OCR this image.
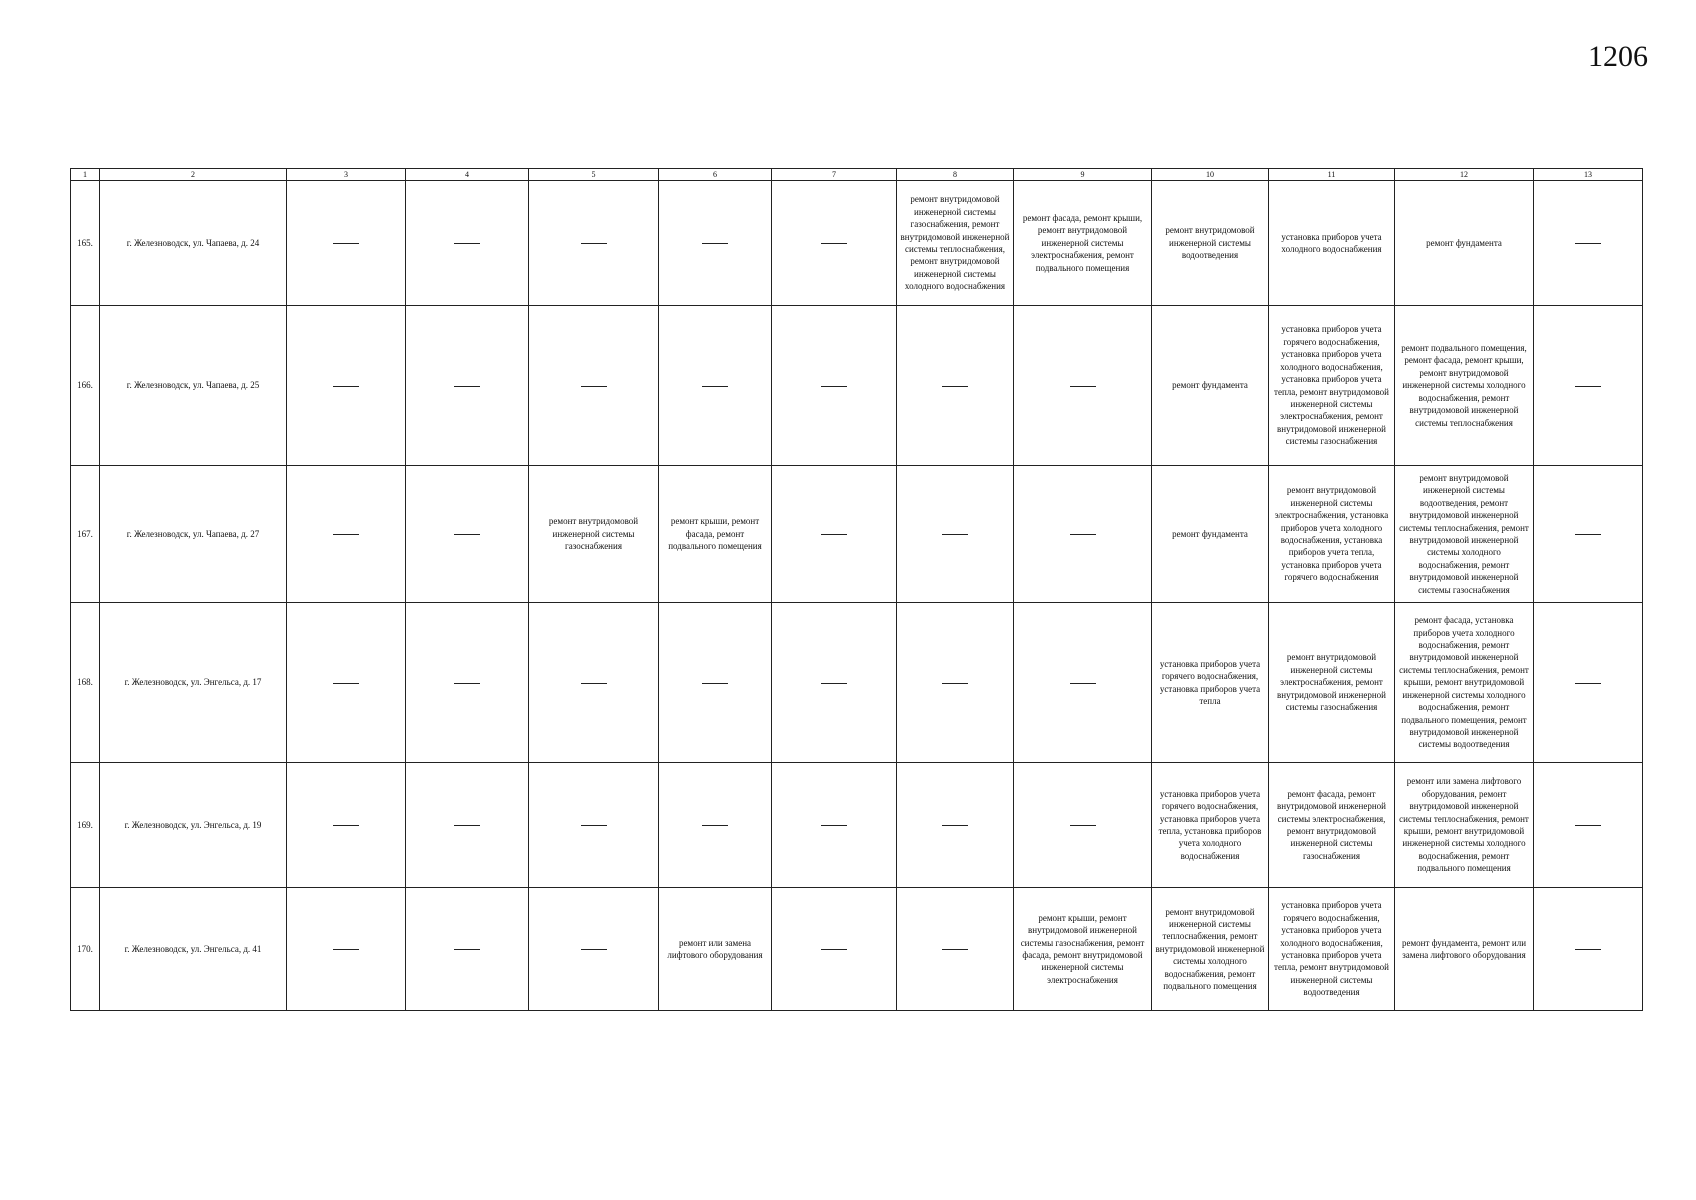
1206
1	2	3	4	5	6	7	8	9	10	11	12	13
165.	г. Железноводск, ул. Чапаева, д. 24						ремонт внутридомовой инженерной системы газоснабжения, ремонт внутридомовой инженерной системы теплоснабжения, ремонт внутридомовой инженерной системы холодного водоснабжения	ремонт фасада, ремонт крыши, ремонт внутридомовой инженерной системы электроснабжения, ремонт подвального помещения	ремонт внутридомовой инженерной системы водоотведения	установка приборов учета холодного водоснабжения	ремонт фундамента	
166.	г. Железноводск, ул. Чапаева, д. 25								ремонт фундамента	установка приборов учета горячего водоснабжения, установка приборов учета холодного водоснабжения, установка приборов учета тепла, ремонт внутридомовой инженерной системы электроснабжения, ремонт внутридомовой инженерной системы газоснабжения	ремонт подвального помещения, ремонт фасада, ремонт крыши, ремонт внутридомовой инженерной системы холодного водоснабжения, ремонт внутридомовой инженерной системы теплоснабжения	
167.	г. Железноводск, ул. Чапаева, д. 27			ремонт внутридомовой инженерной системы газоснабжения	ремонт крыши, ремонт фасада, ремонт подвального помещения				ремонт фундамента	ремонт внутридомовой инженерной системы электроснабжения, установка приборов учета холодного водоснабжения, установка приборов учета тепла, установка приборов учета горячего водоснабжения	ремонт внутридомовой инженерной системы водоотведения, ремонт внутридомовой инженерной системы теплоснабжения, ремонт внутридомовой инженерной системы холодного водоснабжения, ремонт внутридомовой инженерной системы газоснабжения	
168.	г. Железноводск, ул. Энгельса, д. 17								установка приборов учета горячего водоснабжения, установка приборов учета тепла	ремонт внутридомовой инженерной системы электроснабжения, ремонт внутридомовой инженерной системы газоснабжения	ремонт фасада, установка приборов учета холодного водоснабжения, ремонт внутридомовой инженерной системы теплоснабжения, ремонт крыши, ремонт внутридомовой инженерной системы холодного водоснабжения, ремонт подвального помещения, ремонт внутридомовой инженерной системы водоотведения	
169.	г. Железноводск, ул. Энгельса, д. 19								установка приборов учета горячего водоснабжения, установка приборов учета тепла, установка приборов учета холодного водоснабжения	ремонт фасада, ремонт внутридомовой инженерной системы электроснабжения, ремонт внутридомовой инженерной системы газоснабжения	ремонт или замена лифтового оборудования, ремонт внутридомовой инженерной системы теплоснабжения, ремонт крыши, ремонт внутридомовой инженерной системы холодного водоснабжения, ремонт подвального помещения	
170.	г. Железноводск, ул. Энгельса, д. 41				ремонт или замена лифтового оборудования			ремонт крыши, ремонт внутридомовой инженерной системы газоснабжения, ремонт фасада, ремонт внутридомовой инженерной системы электроснабжения	ремонт внутридомовой инженерной системы теплоснабжения, ремонт внутридомовой инженерной системы холодного водоснабжения, ремонт подвального помещения	установка приборов учета горячего водоснабжения, установка приборов учета холодного водоснабжения, установка приборов учета тепла, ремонт внутридомовой инженерной системы водоотведения	ремонт фундамента, ремонт или замена лифтового оборудования	
